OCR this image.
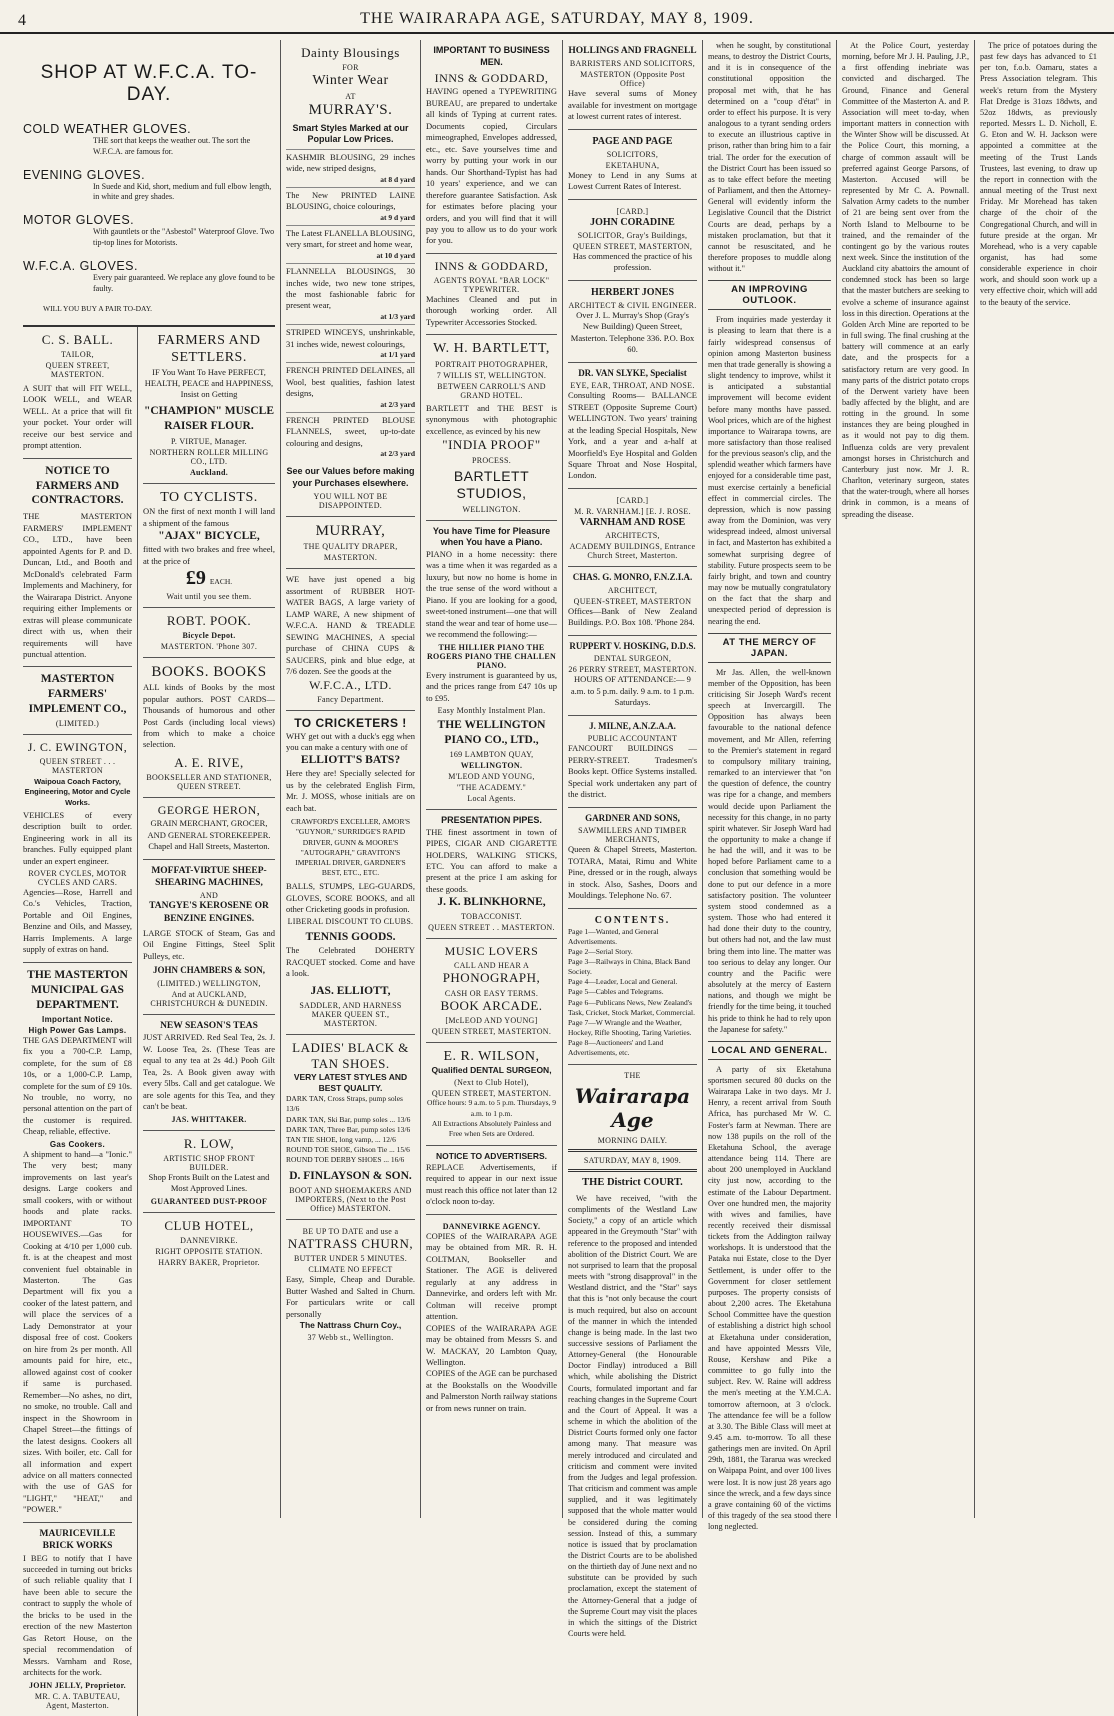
4	THE WAIRARAPA AGE, SATURDAY, MAY 8, 1909.
SHOP AT W.F.C.A. TO-DAY.
COLD WEATHER GLOVES.
THE sort that keeps the weather out. The sort the W.F.C.A. are famous for.
EVENING GLOVES.
In Suede and Kid, short, medium and full elbow length, in white and grey shades.
MOTOR GLOVES.
With gauntlets or the "Asbestol" Waterproof Glove. Two tip-top lines for Motorists.
W.F.C.A. GLOVES.
Every pair guaranteed. We replace any glove found to be faulty.
WILL YOU BUY A PAIR TO-DAY.
C. S. BALL.
TAILOR,
QUEEN STREET, MASTERTON.
A SUIT that will FIT WELL, LOOK WELL, and WEAR WELL. At a price that will fit your pocket. Your order will receive our best service and prompt attention.
NOTICE TO FARMERS AND CONTRACTORS.
THE MASTERTON FARMERS' IMPLEMENT CO., LTD., have been appointed Agents for P. and D. Duncan, Ltd., and Booth and McDonald's celebrated Farm Implements and Machinery, for the Wairarapa District. Anyone requiring either Implements or extras will please communicate direct with us, when their requirements will have punctual attention.
MASTERTON FARMERS' IMPLEMENT CO.,
(LIMITED.)
J. C. EWINGTON,
QUEEN STREET . . . MASTERTON
Waipoua Coach Factory, Engineering, Motor and Cycle Works.
VEHICLES of every description built to order. Engineering work in all its branches. Fully equipped plant under an expert engineer.
ROVER CYCLES, MOTOR CYCLES AND CARS.
Agencies—Rose, Harrell and Co.'s Vehicles, Traction, Portable and Oil Engines, Benzine and Oils, and Massey, Harris Implements. A large supply of extras on hand.
THE MASTERTON MUNICIPAL GAS DEPARTMENT.
Important Notice.
High Power Gas Lamps.
THE GAS DEPARTMENT will fix you a 700-C.P. Lamp, complete, for the sum of £8 10s, or a 1,000-C.P. Lamp, complete for the sum of £9 10s. No trouble, no worry, no personal attention on the part of the customer is required. Cheap, reliable, effective.
Gas Cookers.
A shipment to hand—a "Ionic." The very best; many improvements on last year's designs. Large cookers and small cookers, with or without hoods and plate racks. IMPORTANT TO HOUSEWIVES.—Gas for Cooking at 4/10 per 1,000 cub. ft. is at the cheapest and most convenient fuel obtainable in Masterton. The Gas Department will fix you a cooker of the latest pattern, and will place the services of a Lady Demonstrator at your disposal free of cost. Cookers on hire from 2s per month. All amounts paid for hire, etc., allowed against cost of cooker if same is purchased. Remember—No ashes, no dirt, no smoke, no trouble. Call and inspect in the Showroom in Chapel Street—the fittings of the latest designs. Cookers all sizes. With boiler, etc. Call for all information and expert advice on all matters connected with the use of GAS for "LIGHT," "HEAT," and "POWER."
MAURICEVILLE BRICK WORKS
I BEG to notify that I have succeeded in turning out bricks of such reliable quality that I have been able to secure the contract to supply the whole of the bricks to be used in the erection of the new Masterton Gas Retort House, on the special recommendation of Messrs. Varnham and Rose, architects for the work.
JOHN JELLY, Proprietor.
MR. C. A. TABUTEAU, Agent, Masterton.
FARMERS AND SETTLERS.
IF You Want To Have PERFECT, HEALTH, PEACE and HAPPINESS, Insist on Getting
"CHAMPION" MUSCLE RAISER FLOUR.
P. VIRTUE, Manager.
NORTHERN ROLLER MILLING CO., LTD.
Auckland.
TO CYCLISTS.
ON the first of next month I will land a shipment of the famous
"AJAX" BICYCLE,
fitted with two brakes and free wheel, at the price of
£9 EACH.
Wait until you see them.
ROBT. POOK.
Bicycle Depot.
MASTERTON. 'Phone 307.
BOOKS. BOOKS
ALL kinds of Books by the most popular authors. POST CARDS—Thousands of humorous and other Post Cards (including local views) from which to make a choice selection.
A. E. RIVE,
BOOKSELLER AND STATIONER, QUEEN STREET.
GEORGE HERON,
GRAIN MERCHANT, GROCER, AND GENERAL STOREKEEPER. Chapel and Hall Streets, Masterton.
MOFFAT-VIRTUE SHEEP-SHEARING MACHINES,
AND
TANGYE'S KEROSENE OR BENZINE ENGINES.
LARGE STOCK of Steam, Gas and Oil Engine Fittings, Steel Split Pulleys, etc.
JOHN CHAMBERS & SON,
(LIMITED.) WELLINGTON,
And at AUCKLAND, CHRISTCHURCH & DUNEDIN.
NEW SEASON'S TEAS
JUST ARRIVED. Red Seal Tea, 2s. J. W. Loose Tea, 2s. (These Teas are equal to any tea at 2s 4d.) Pooh Gilt Tea, 2s. A Book given away with every 5lbs. Call and get catalogue. We are sole agents for this Tea, and they can't be beat.
JAS. WHITTAKER.
R. LOW,
ARTISTIC SHOP FRONT BUILDER.
Shop Fronts Built on the Latest and Most Approved Lines.
GUARANTEED DUST-PROOF
CLUB HOTEL,
DANNEVIRKE.
RIGHT OPPOSITE STATION.
HARRY BAKER, Proprietor.
Dainty Blousings
FOR
Winter Wear
AT
MURRAY'S.
Smart Styles Marked at our Popular Low Prices.
KASHMIR BLOUSING, 29 inches wide, new striped designs,
at 8 d yard
The New PRINTED LAINE BLOUSING, choice colourings,
at 9 d yard
The Latest FLANELLA BLOUSING, very smart, for street and home wear,
at 10 d yard
FLANNELLA BLOUSINGS, 30 inches wide, two new tone stripes, the most fashionable fabric for present wear,
at 1/3 yard
STRIPED WINCEYS, unshrinkable, 31 inches wide, newest colourings,
at 1/1 yard
FRENCH PRINTED DELAINES, all Wool, best qualities, fashion latest designs,
at 2/3 yard
FRENCH PRINTED BLOUSE FLANNELS, sweet, up-to-date colouring and designs,
at 2/3 yard
See our Values before making your Purchases elsewhere.
YOU WILL NOT BE DISAPPOINTED.
MURRAY,
THE QUALITY DRAPER,
MASTERTON.
WE have just opened a big assortment of RUBBER HOT-WATER BAGS, A large variety of LAMP WARE, A new shipment of W.F.C.A. HAND & TREADLE SEWING MACHINES, A special purchase of CHINA CUPS & SAUCERS, pink and blue edge, at 7/6 dozen. See the goods at the
W.F.C.A., LTD.
Fancy Department.
TO CRICKETERS !
WHY get out with a duck's egg when you can make a century with one of
ELLIOTT'S BATS?
Here they are! Specially selected for us by the celebrated English Firm, Mr. J. MOSS, whose initials are on each bat.
CRAWFORD'S EXCELLER, AMOR'S "GUYNOR," SURRIDGE'S RAPID DRIVER, GUNN & MOORE'S "AUTOGRAPH," GRAVITON'S IMPERIAL DRIVER, GARDNER'S BEST, ETC., ETC.
BALLS, STUMPS, LEG-GUARDS, GLOVES, SCORE BOOKS, and all other Cricketing goods in profusion.
LIBERAL DISCOUNT TO CLUBS.
TENNIS GOODS.
The Celebrated DOHERTY RACQUET stocked. Come and have a look.
JAS. ELLIOTT,
SADDLER, AND HARNESS MAKER QUEEN ST., MASTERTON.
LADIES' BLACK & TAN SHOES.
VERY LATEST STYLES AND BEST QUALITY.
DARK TAN, Cross Straps, pump soles 13/6
DARK TAN, Ski Bar, pump soles ... 13/6
DARK TAN, Three Bar, pump soles 13/6
TAN TIE SHOE, long vamp, ... 12/6
ROUND TOE SHOE, Gibson Tie ... 15/6
ROUND TOE DERBY SHOES ... 16/6
D. FINLAYSON & SON.
BOOT AND SHOEMAKERS AND IMPORTERS, (Next to the Post Office) MASTERTON.
BE UP TO DATE and use a
NATTRASS CHURN,
BUTTER UNDER 5 MINUTES.
CLIMATE NO EFFECT
Easy, Simple, Cheap and Durable. Butter Washed and Salted in Churn. For particulars write or call personally
The Nattrass Churn Coy.,
37 Webb st., Wellington.
IMPORTANT TO BUSINESS MEN.
INNS & GODDARD,
HAVING opened a TYPEWRITING BUREAU, are prepared to undertake all kinds of Typing at current rates. Documents copied, Circulars mimeographed, Envelopes addressed, etc., etc. Save yourselves time and worry by putting your work in our hands. Our Shorthand-Typist has had 10 years' experience, and we can therefore guarantee Satisfaction. Ask for estimates before placing your orders, and you will find that it will pay you to allow us to do your work for you.
INNS & GODDARD,
AGENTS ROYAL "BAR LOCK" TYPEWRITER.
Machines Cleaned and put in thorough working order. All Typewriter Accessories Stocked.
W. H. BARTLETT,
PORTRAIT PHOTOGRAPHER,
7 WILLIS ST, WELLINGTON.
BETWEEN CARROLL'S AND GRAND HOTEL.
BARTLETT and THE BEST is synonymous with photographic excellence, as evinced by his new
"INDIA PROOF"
PROCESS.
BARTLETT STUDIOS,
WELLINGTON.
You have Time for Pleasure when You have a Piano.
PIANO in a home necessity: there was a time when it was regarded as a luxury, but now no home is home in the true sense of the word without a Piano. If you are looking for a good, sweet-toned instrument—one that will stand the wear and tear of home use—we recommend the following:—
THE HILLIER PIANO THE ROGERS PIANO THE CHALLEN PIANO.
Every instrument is guaranteed by us, and the prices range from £47 10s up to £95.
Easy Monthly Instalment Plan.
THE WELLINGTON PIANO CO., LTD.,
169 LAMBTON QUAY,
WELLINGTON.
M'LEOD AND YOUNG,
"THE ACADEMY."
Local Agents.
PRESENTATION PIPES.
THE finest assortment in town of PIPES, CIGAR AND CIGARETTE HOLDERS, WALKING STICKS, ETC. You can afford to make a present at the price I am asking for these goods.
J. K. BLINKHORNE,
TOBACCONIST.
QUEEN STREET . . MASTERTON.
MUSIC LOVERS
CALL AND HEAR A
PHONOGRAPH,
CASH OR EASY TERMS.
BOOK ARCADE.
[McLEOD AND YOUNG]
QUEEN STREET, MASTERTON.
E. R. WILSON,
Qualified DENTAL SURGEON,
(Next to Club Hotel),
QUEEN STREET, MASTERTON.
Office hours: 9 a.m. to 5 p.m. Thursdays, 9 a.m. to 1 p.m.
All Extractions Absolutely Painless and Free when Sets are Ordered.
NOTICE TO ADVERTISERS.
REPLACE Advertisements, if required to appear in our next issue must reach this office not later than 12 o'clock noon to-day.
DANNEVIRKE AGENCY.
COPIES of the WAIRARAPA AGE may be obtained from MR. R. H. COLTMAN, Bookseller and Stationer. The AGE is delivered regularly at any address in Dannevirke, and orders left with Mr. Coltman will receive prompt attention.
COPIES of the WAIRARAPA AGE may be obtained from Messrs S. and W. MACKAY, 20 Lambton Quay, Wellington.
COPIES of the AGE can be purchased at the Bookstalls on the Woodville and Palmerston North railway stations or from news runner on train.
HOLLINGS AND FRAGNELL
BARRISTERS AND SOLICITORS,
MASTERTON (Opposite Post Office)
Have several sums of Money available for investment on mortgage at lowest current rates of interest.
PAGE AND PAGE
SOLICITORS,
EKETAHUNA,
Money to Lend in any Sums at Lowest Current Rates of Interest.
[CARD.]
JOHN CORADINE
SOLICITOR, Gray's Buildings,
QUEEN STREET, MASTERTON,
Has commenced the practice of his profession.
HERBERT JONES
ARCHITECT & CIVIL ENGINEER.
Over J. L. Murray's Shop (Gray's New Building) Queen Street, Masterton. Telephone 336. P.O. Box 60.
DR. VAN SLYKE, Specialist
EYE, EAR, THROAT, AND NOSE.
Consulting Rooms— BALLANCE STREET (Opposite Supreme Court) WELLINGTON. Two years' training at the leading Special Hospitals, New York, and a year and a-half at Moorfield's Eye Hospital and Golden Square Throat and Nose Hospital, London.
[CARD.]
M. R. VARNHAM.] [E. J. ROSE.
VARNHAM AND ROSE
ARCHITECTS,
ACADEMY BUILDINGS, Entrance Church Street, Masterton.
CHAS. G. MONRO, F.N.Z.I.A.
ARCHITECT,
QUEEN-STREET, MASTERTON
Offices—Bank of New Zealand Buildings. P.O. Box 108. 'Phone 284.
RUPPERT V. HOSKING, D.D.S.
DENTAL SURGEON,
26 PERRY STREET, MASTERTON.
HOURS OF ATTENDANCE:— 9 a.m. to 5 p.m. daily. 9 a.m. to 1 p.m. Saturdays.
J. MILNE, A.N.Z.A.A.
PUBLIC ACCOUNTANT
FANCOURT BUILDINGS — PERRY-STREET. Tradesmen's Books kept. Office Systems installed. Special work undertaken any part of the district.
GARDNER AND SONS,
SAWMILLERS AND TIMBER MERCHANTS,
Queen & Chapel Streets, Masterton. TOTARA, Matai, Rimu and White Pine, dressed or in the rough, always in stock. Also, Sashes, Doors and Mouldings. Telephone No. 67.
CONTENTS.
Page 1—Wanted, and General Advertisements.
Page 2—Serial Story.
Page 3—Railways in China, Black Band Society.
Page 4—Leader, Local and General.
Page 5—Cables and Telegrams.
Page 6—Publicans News, New Zealand's Task, Cricket, Stock Market, Commercial.
Page 7—W Wrangle and the Weather, Hockey, Rifle Shooting, Taring Varieties.
Page 8—Auctioneers' and Land Advertisements, etc.
THE
Wairarapa Age
MORNING DAILY.
SATURDAY, MAY 8, 1909.
THE District COURT.
We have received, "with the compliments of the Westland Law Society," a copy of an article which appeared in the Greymouth "Star" with reference to the proposed and intended abolition of the District Court. We are not surprised to learn that the proposal meets with "strong disapproval" in the Westland district, and the "Star" says that this is "not only because the court is much required, but also on account of the manner in which the intended change is being made. In the last two successive sessions of Parliament the Attorney-General (the Honourable Doctor Findlay) introduced a Bill which, while abolishing the District Courts, formulated important and far reaching changes in the Supreme Court and the Court of Appeal. It was a scheme in which the abolition of the District Courts formed only one factor among many. That measure was merely introduced and circulated and criticism and comment were invited from the Judges and legal profession. That criticism and comment was ample supplied, and it was legitimately supposed that the whole matter would be considered during the coming session. Instead of this, a summary notice is issued that by proclamation the District Courts are to be abolished on the thirtieth day of June next and no substitute can be provided by such proclamation, except the statement of the Attorney-General that a judge of the Supreme Court may visit the places in which the sittings of the District Courts were held.
when he sought, by constitutional means, to destroy the District Courts, and it is in consequence of the constitutional opposition the proposal met with, that he has determined on a "coup d'état" in order to effect his purpose. It is very analogous to a tyrant sending orders to execute an illustrious captive in prison, rather than bring him to a fair trial. The order for the execution of the District Court has been issued so as to take effect before the meeting of Parliament, and then the Attorney-General will evidently inform the Legislative Council that the District Courts are dead, perhaps by a mistaken proclamation, but that it cannot be resuscitated, and he therefore proposes to muddle along without it."
AN IMPROVING OUTLOOK.
From inquiries made yesterday it is pleasing to learn that there is a fairly widespread consensus of opinion among Masterton business men that trade generally is showing a slight tendency to improve, whilst it is anticipated a substantial improvement will become evident before many months have passed. Wool prices, which are of the highest importance to Wairarapa towns, are more satisfactory than those realised for the previous season's clip, and the splendid weather which farmers have enjoyed for a considerable time past, must exercise certainly a beneficial effect in commercial circles. The depression, which is now passing away from the Dominion, was very widespread indeed, almost universal in fact, and Masterton has exhibited a somewhat surprising degree of stability. Future prospects seem to be fairly bright, and town and country may now be mutually congratulatory on the fact that the sharp and unexpected period of depression is nearing the end.
AT THE MERCY OF JAPAN.
Mr Jas. Allen, the well-known member of the Opposition, has been criticising Sir Joseph Ward's recent speech at Invercargill. The Opposition has always been favourable to the national defence movement, and Mr Allen, referring to the Premier's statement in regard to compulsory military training, remarked to an interviewer that "on the question of defence, the country was ripe for a change, and members would decide upon Parliament the necessity for this change, in no party spirit whatever. Sir Joseph Ward had the opportunity to make a change if he had the will, and it was to be hoped before Parliament came to a conclusion that something would be done to put our defence in a more satisfactory position. The volunteer system stood condemned as a system. Those who had entered it had done their duty to the country, but others had not, and the law must bring them into line. The matter was too serious to delay any longer. Our country and the Pacific were absolutely at the mercy of Eastern nations, and though we might be friendly for the time being, it touched his pride to think he had to rely upon the Japanese for safety."
LOCAL AND GENERAL.
A party of six Eketahuna sportsmen secured 80 ducks on the Wairarapa Lake in two days. Mr J. Henry, a recent arrival from South Africa, has purchased Mr W. C. Foster's farm at Newman. There are now 138 pupils on the roll of the Eketahuna School, the average attendance being 114. There are about 200 unemployed in Auckland city just now, according to the estimate of the Labour Department. Over one hundred men, the majority with wives and families, have recently received their dismissal tickets from the Addington railway workshops. It is understood that the Pataka nui Estate, close to the Dyer Settlement, is under offer to the Government for closer settlement purposes. The property consists of about 2,200 acres. The Eketahuna School Committee have the question of establishing a district high school at Eketahuna under consideration, and have appointed Messrs Vile, Rouse, Kershaw and Pike a committee to go fully into the subject. Rev. W. Raine will address the men's meeting at the Y.M.C.A. tomorrow afternoon, at 3 o'clock. The attendance fee will be a follow at 3.30. The Bible Class will meet at 9.45 a.m. to-morrow. To all these gatherings men are invited. On April 29th, 1881, the Tararua was wrecked on Waipapa Point, and over 100 lives were lost. It is now just 28 years ago since the wreck, and a few days since a grave containing 60 of the victims of this tragedy of the sea stood there long neglected.
At the Police Court, yesterday morning, before Mr J. H. Pauling, J.P., a first offending inebriate was convicted and discharged. The Ground, Finance and General Committee of the Masterton A. and P. Association will meet to-day, when important matters in connection with the Winter Show will be discussed. At the Police Court, this morning, a charge of common assault will be preferred against George Parsons, of Masterton. Accused will be represented by Mr C. A. Pownall. Salvation Army cadets to the number of 21 are being sent over from the North Island to Melbourne to be trained, and the remainder of the contingent go by the various routes next week. Since the institution of the Auckland city abattoirs the amount of condemned stock has been so large that the master butchers are seeking to evolve a scheme of insurance against loss in this direction. Operations at the Golden Arch Mine are reported to be in full swing. The final crushing at the battery will commence at an early date, and the prospects for a satisfactory return are very good. In many parts of the district potato crops of the Derwent variety have been badly affected by the blight, and are rotting in the ground. In some instances they are being ploughed in as it would not pay to dig them. Influenza colds are very prevalent amongst horses in Christchurch and Canterbury just now. Mr J. R. Charlton, veterinary surgeon, states that the water-trough, where all horses drink in common, is a means of spreading the disease.
The price of potatoes during the past few days has advanced to £1 per ton, f.o.b. Oamaru, states a Press Association telegram. This week's return from the Mystery Flat Dredge is 31ozs 18dwts, and 52oz 18dwts, as previously reported. Messrs L. D. Nicholl, E. G. Eton and W. H. Jackson were appointed a committee at the meeting of the Trust Lands Trustees, last evening, to draw up the report in connection with the annual meeting of the Trust next Friday. Mr Morehead has taken charge of the choir of the Congregational Church, and will in future preside at the organ. Mr Morehead, who is a very capable organist, has had some considerable experience in choir work, and should soon work up a very effective choir, which will add to the beauty of the service.
